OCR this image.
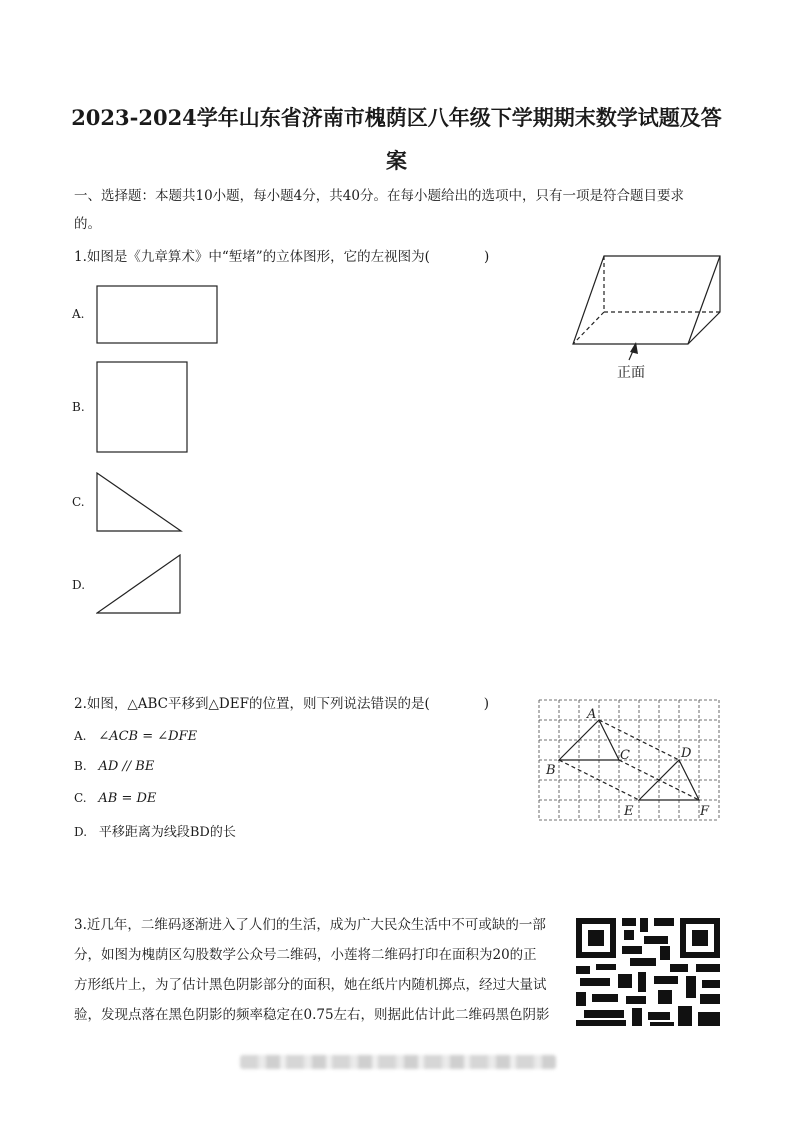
2023-2024学年山东省济南市槐荫区八年级下学期期末数学试题及答
案
一、选择题：本题共10小题，每小题4分，共40分。在每小题给出的选项中，只有一项是符合题目要求
的。
1.如图是《九章算术》中“堑堵”的立体图形，它的左视图为(　　　　)
正面
A.
B.
C.
D.
2.如图，△ABC平移到△DEF的位置，则下列说法错误的是(　　　　)
A. ∠ACB = ∠DFE
B. AD // BE
C. AB = DE
D. 平移距离为线段BD的长
A
B
C	D
E	F
3.近几年，二维码逐渐进入了人们的生活，成为广大民众生活中不可或缺的一部
分，如图为槐荫区勾股数学公众号二维码，小莲将二维码打印在面积为20的正
方形纸片上，为了估计黑色阴影部分的面积，她在纸片内随机掷点，经过大量试
验，发现点落在黑色阴影的频率稳定在0.75左右，则据此估计此二维码黑色阴影
